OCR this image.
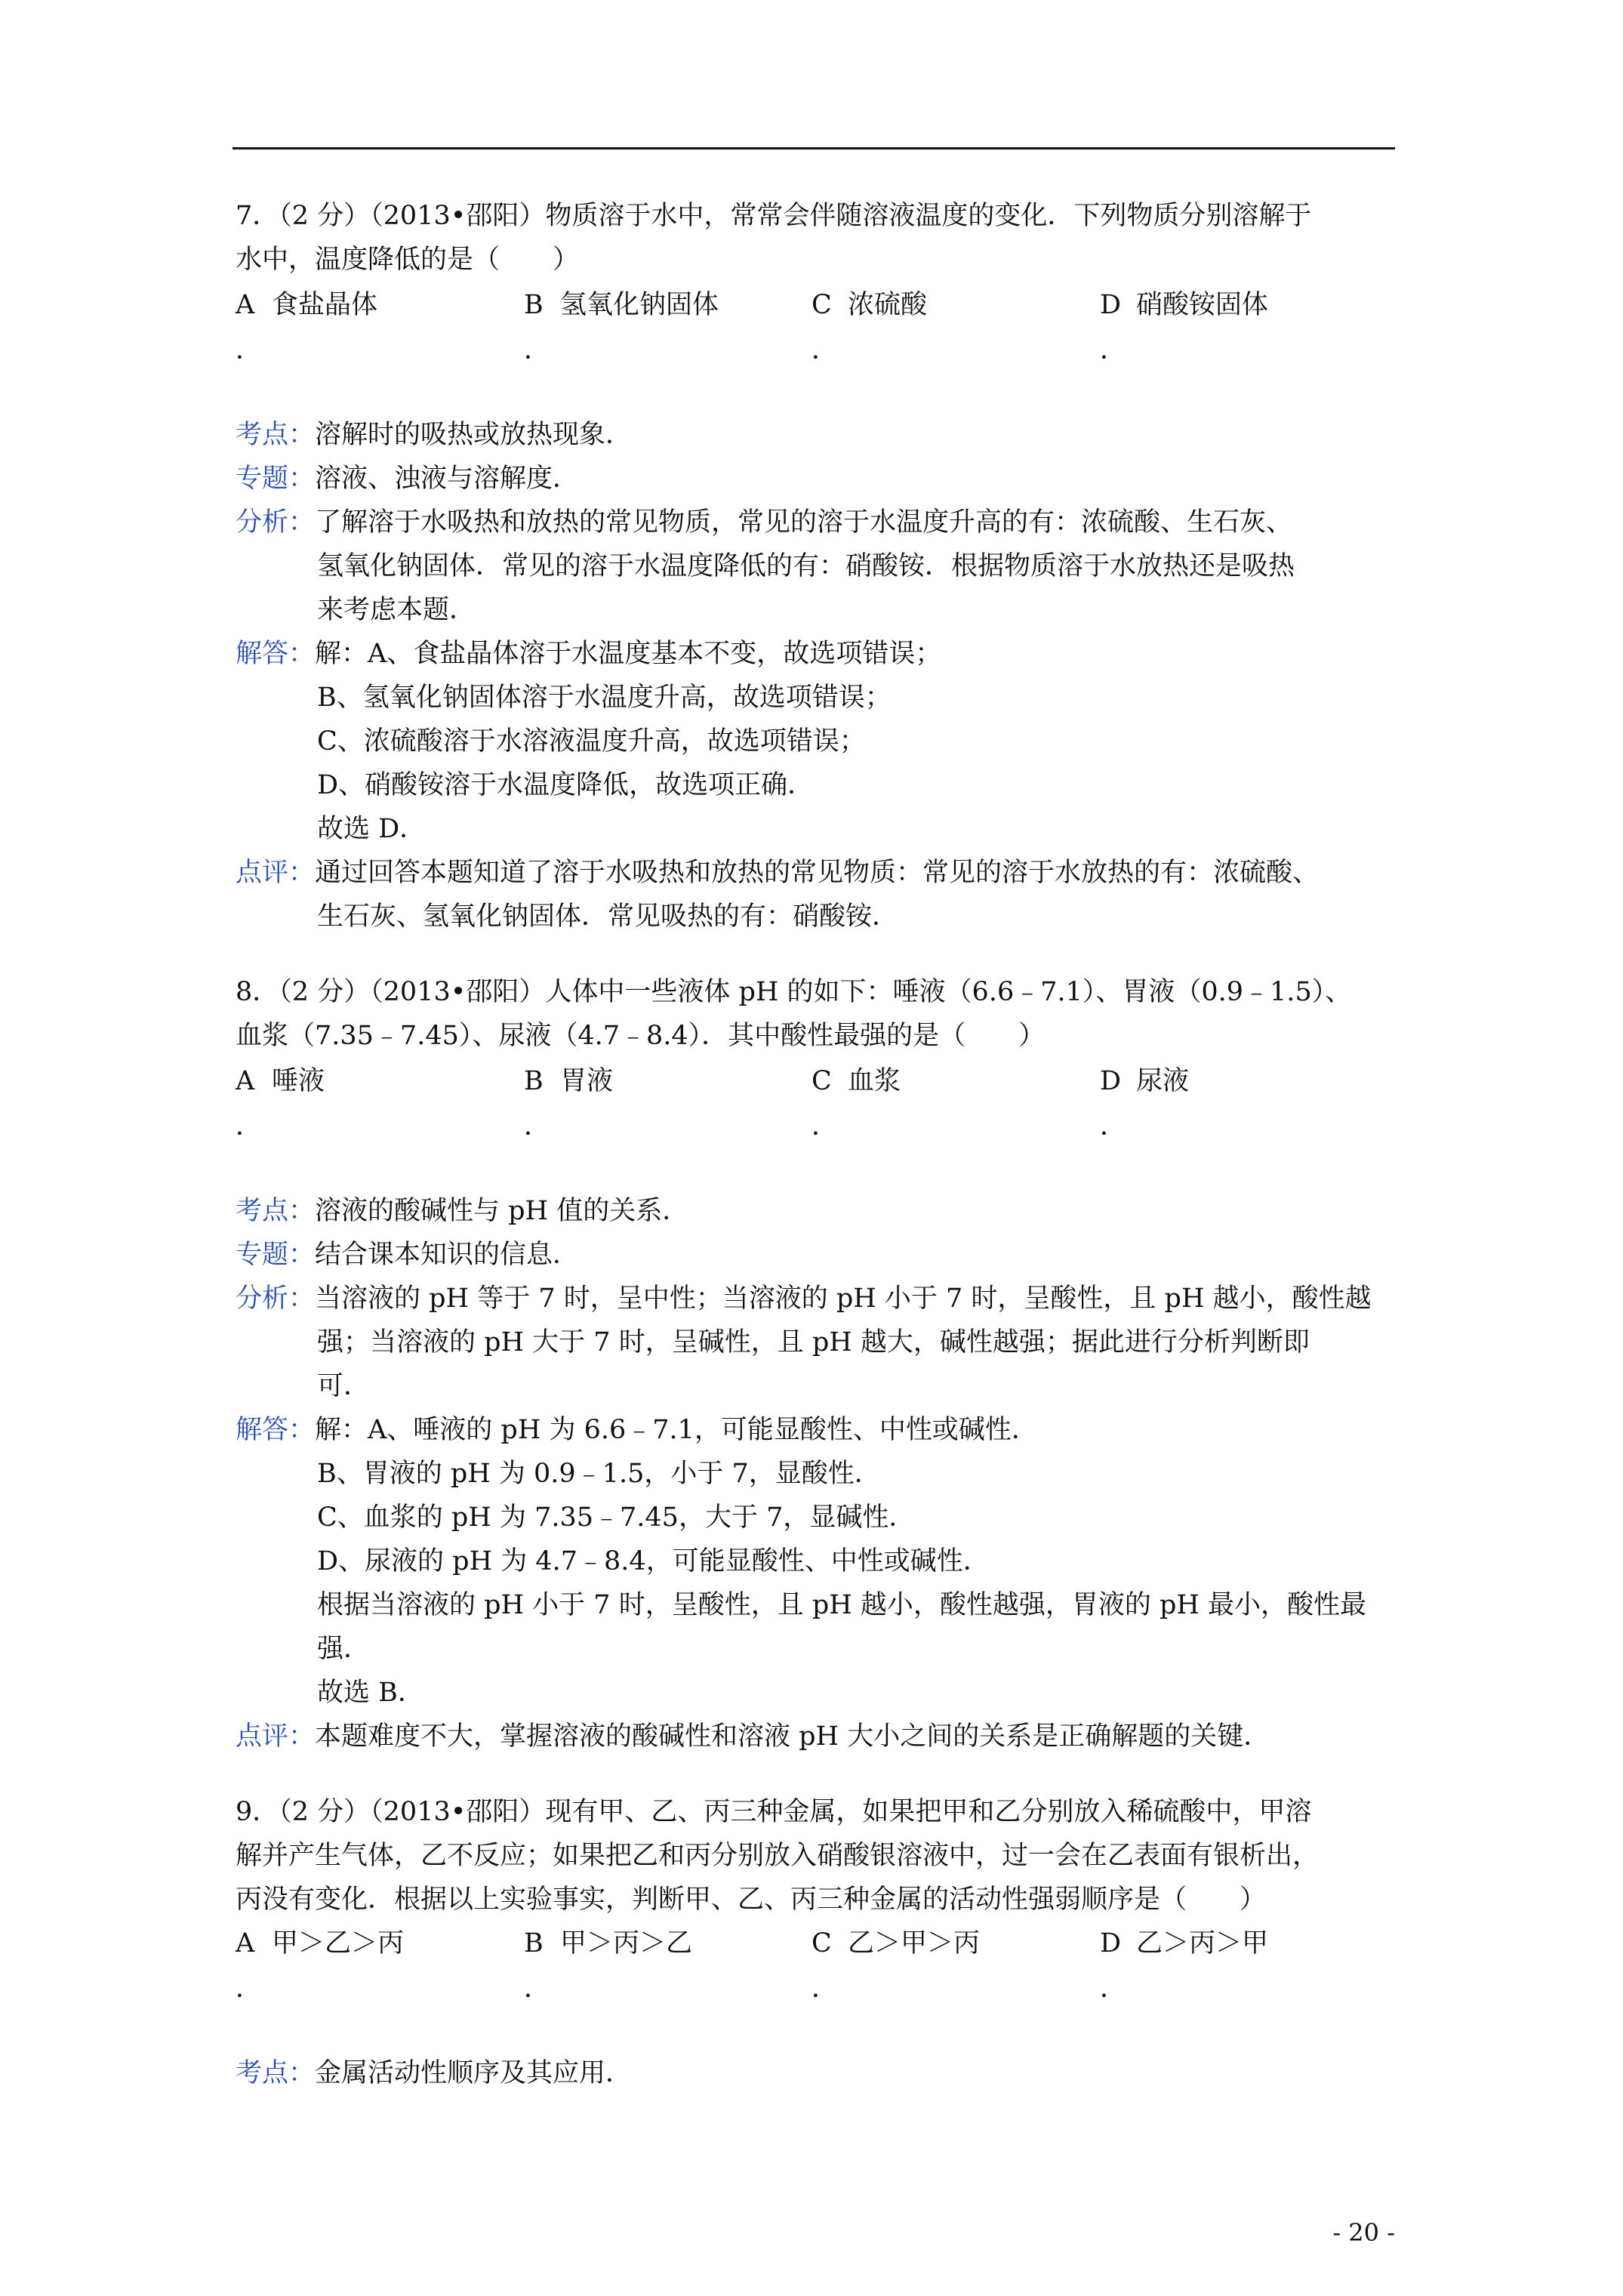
7．（2 分）（2013•邵阳）物质溶于水中，常常会伴随溶液温度的变化．下列物质分别溶解于
水中，温度降低的是（　　）
A 食盐晶体	B 氢氧化钠固体	C 浓硫酸	D 硝酸铵固体
．	．	．	．
考点：溶解时的吸热或放热现象．
专题：溶液、浊液与溶解度．
分析：了解溶于水吸热和放热的常见物质，常见的溶于水温度升高的有：浓硫酸、生石灰、
氢氧化钠固体．常见的溶于水温度降低的有：硝酸铵．根据物质溶于水放热还是吸热
来考虑本题．
解答：解：A、食盐晶体溶于水温度基本不变，故选项错误；
B、氢氧化钠固体溶于水温度升高，故选项错误；
C、浓硫酸溶于水溶液温度升高，故选项错误；
D、硝酸铵溶于水温度降低，故选项正确．
故选 D．
点评：通过回答本题知道了溶于水吸热和放热的常见物质：常见的溶于水放热的有：浓硫酸、
生石灰、氢氧化钠固体．常见吸热的有：硝酸铵．
8．（2 分）（2013•邵阳）人体中一些液体 pH 的如下：唾液（6.6﹣7.1）、胃液（0.9﹣1.5）、
血浆（7.35﹣7.45）、尿液（4.7﹣8.4）．其中酸性最强的是（　　）
A 唾液	B 胃液	C 血浆	D 尿液
．	．	．	．
考点：溶液的酸碱性与 pH 值的关系．
专题：结合课本知识的信息．
分析：当溶液的 pH 等于 7 时，呈中性；当溶液的 pH 小于 7 时，呈酸性，且 pH 越小，酸性越
强；当溶液的 pH 大于 7 时，呈碱性，且 pH 越大，碱性越强；据此进行分析判断即
可．
解答：解：A、唾液的 pH 为 6.6﹣7.1，可能显酸性、中性或碱性．
B、胃液的 pH 为 0.9﹣1.5，小于 7，显酸性．
C、血浆的 pH 为 7.35﹣7.45，大于 7，显碱性．
D、尿液的 pH 为 4.7﹣8.4，可能显酸性、中性或碱性．
根据当溶液的 pH 小于 7 时，呈酸性，且 pH 越小，酸性越强，胃液的 pH 最小，酸性最
强．
故选 B．
点评：本题难度不大，掌握溶液的酸碱性和溶液 pH 大小之间的关系是正确解题的关键．
9．（2 分）（2013•邵阳）现有甲、乙、丙三种金属，如果把甲和乙分别放入稀硫酸中，甲溶
解并产生气体，乙不反应；如果把乙和丙分别放入硝酸银溶液中，过一会在乙表面有银析出，
丙没有变化．根据以上实验事实，判断甲、乙、丙三种金属的活动性强弱顺序是（　　）
A 甲＞乙＞丙	B 甲＞丙＞乙	C 乙＞甲＞丙	D 乙＞丙＞甲
．	．	．	．
考点：金属活动性顺序及其应用．
- 20 -
